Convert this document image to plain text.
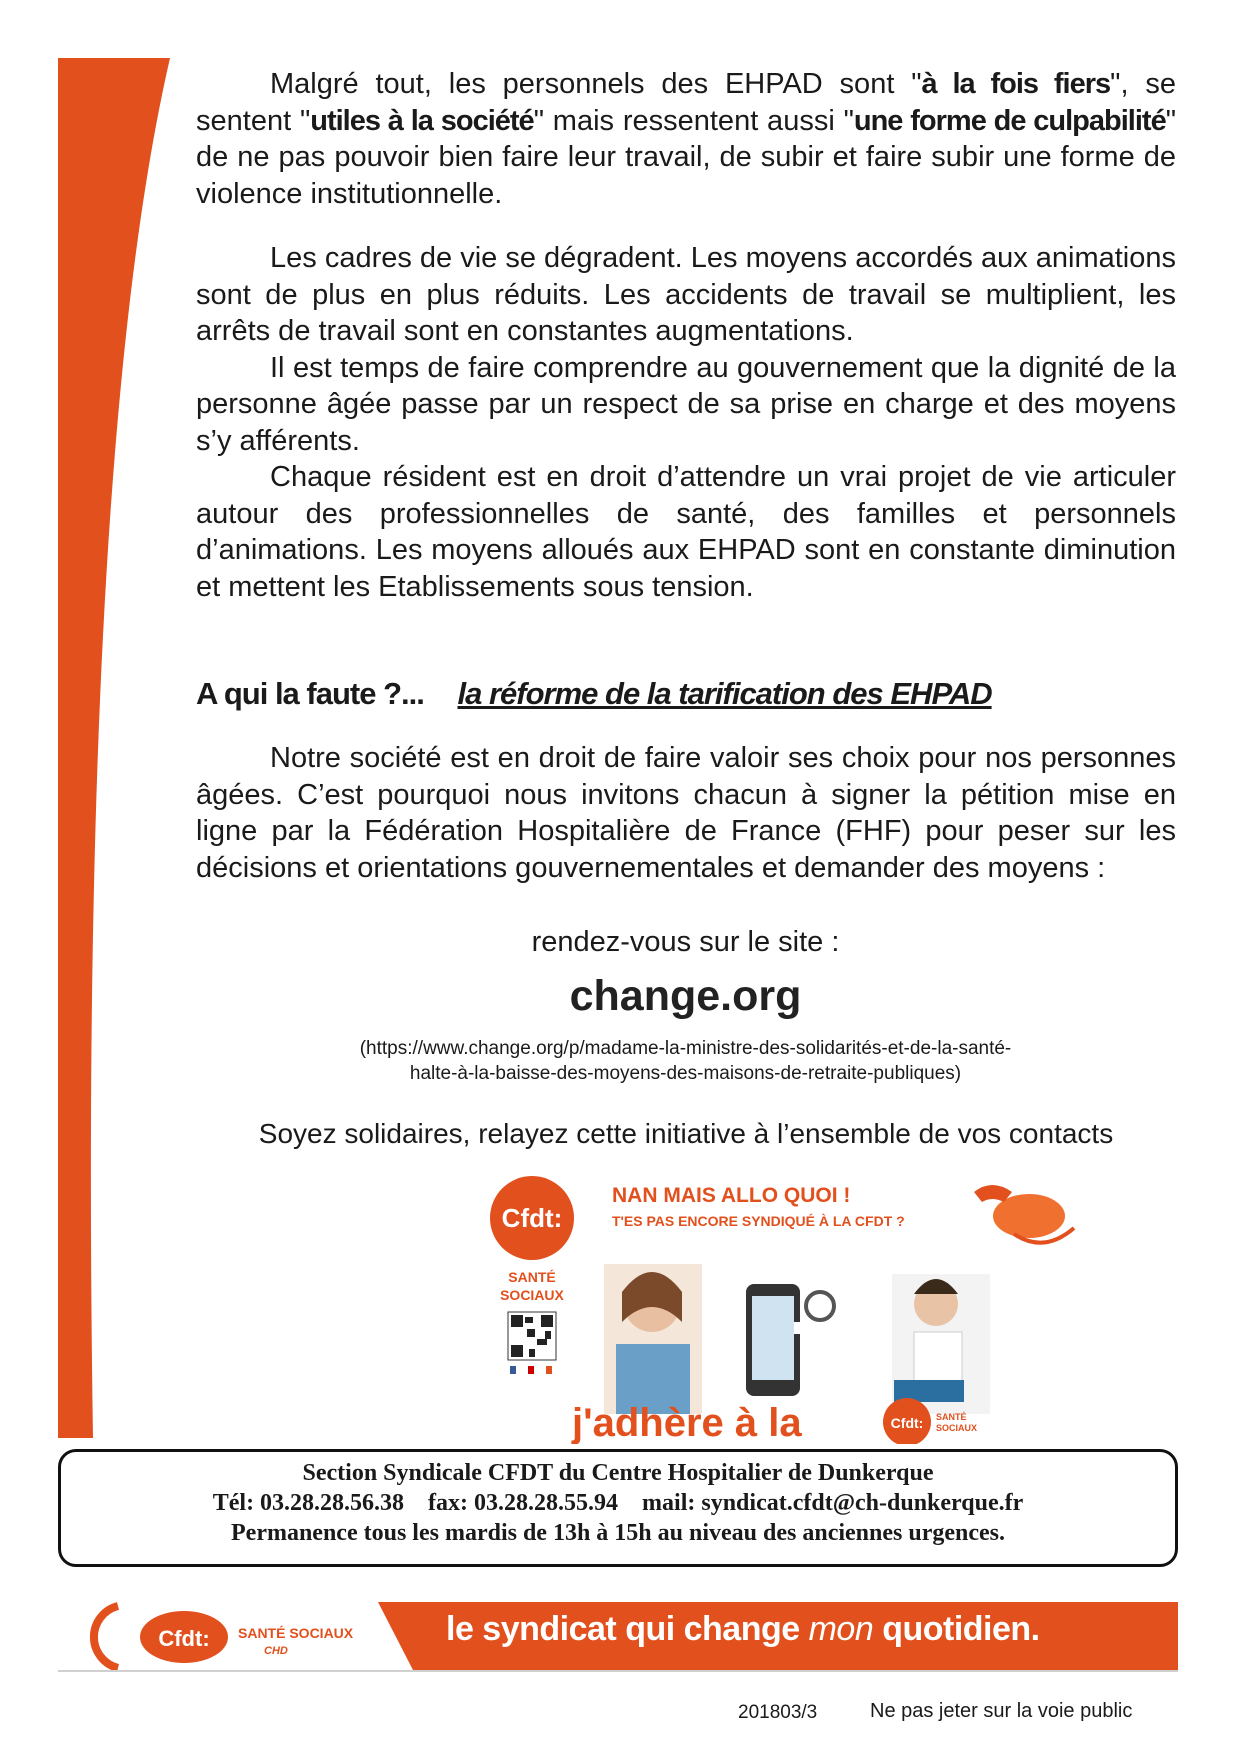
Malgré tout, les personnels des EHPAD sont "à la fois fiers", se sentent "utiles à la société" mais ressentent aussi "une forme de culpabilité" de ne pas pouvoir bien faire leur travail, de subir et faire subir une forme de violence institutionnelle.

Les cadres de vie se dégradent. Les moyens accordés aux animations sont de plus en plus réduits. Les accidents de travail se multiplient, les arrêts de travail sont en constantes augmentations.

Il est temps de faire comprendre au gouvernement que la dignité de la personne âgée passe par un respect de sa prise en charge et des moyens s’y afférents.

Chaque résident est en droit d’attendre un vrai projet de vie articuler autour des professionnelles de santé, des familles et personnels d’animations. Les moyens alloués aux EHPAD sont en constante diminution et mettent les Etablissements sous tension.

A qui la faute ?... la réforme de la tarification des EHPAD

Notre société est en droit de faire valoir ses choix pour nos personnes âgées. C’est pourquoi nous invitons chacun à signer la pétition mise en ligne par la Fédération Hospitalière de France (FHF) pour peser sur les décisions et orientations gouvernementales et demander des moyens :

rendez-vous sur le site :
change.org
(https://www.change.org/p/madame-la-ministre-des-solidarités-et-de-la-santé-
halte-à-la-baisse-des-moyens-des-maisons-de-retraite-publiques)
Soyez solidaires, relayez cette initiative à l’ensemble de vos contacts
Cfdt:
SANTÉ
SOCIAUX
NAN MAIS ALLO QUOI !
T'ES PAS ENCORE SYNDIQUÉ À LA CFDT ?
j'adhère à la	Cfdt: SANTÉ
SOCIAUX
Section Syndicale CFDT du Centre Hospitalier de Dunkerque
Tél: 03.28.28.56.38    fax: 03.28.28.55.94    mail: syndicat.cfdt@ch-dunkerque.fr
Permanence tous les mardis de 13h à 15h au niveau des anciennes urgences.
Cfdt: SANTÉ SOCIAUX
CHD
le syndicat qui change mon quotidien.
201803/3	Ne pas jeter sur la voie public
